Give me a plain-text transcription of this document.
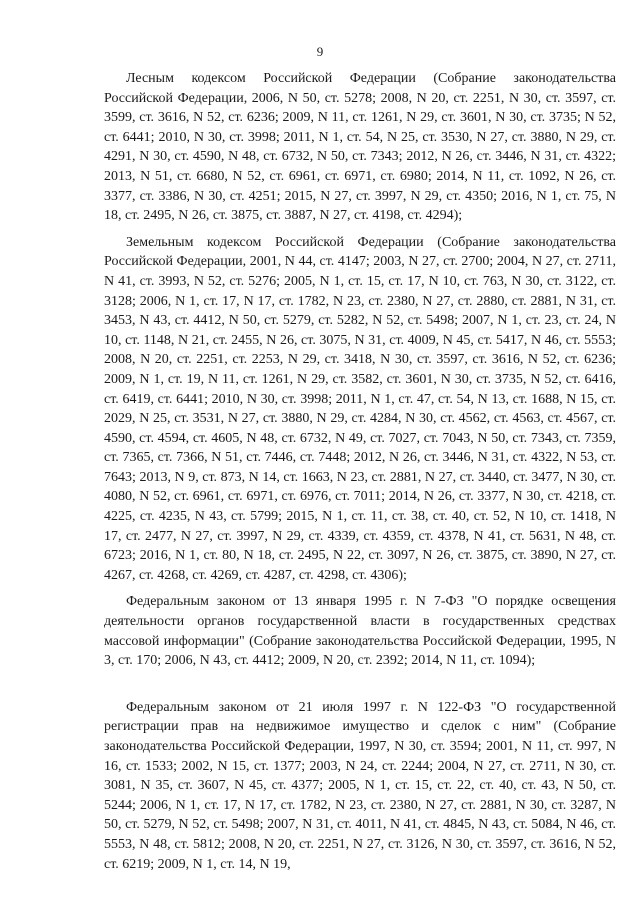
9

Лесным кодексом Российской Федерации (Собрание законодательства Российской Федерации, 2006, N 50, ст. 5278; 2008, N 20, ст. 2251, N 30, ст. 3597, ст. 3599, ст. 3616, N 52, ст. 6236; 2009, N 11, ст. 1261, N 29, ст. 3601, N 30, ст. 3735; N 52, ст. 6441; 2010, N 30, ст. 3998; 2011, N 1, ст. 54, N 25, ст. 3530, N 27, ст. 3880, N 29, ст. 4291, N 30, ст. 4590, N 48, ст. 6732, N 50, ст. 7343; 2012, N 26, ст. 3446, N 31, ст. 4322; 2013, N 51, ст. 6680, N 52, ст. 6961, ст. 6971, ст. 6980; 2014, N 11, ст. 1092, N 26, ст. 3377, ст. 3386, N 30, ст. 4251; 2015, N 27, ст. 3997, N 29, ст. 4350; 2016, N 1, ст. 75, N 18, ст. 2495, N 26, ст. 3875, ст. 3887, N 27, ст. 4198, ст. 4294);

Земельным кодексом Российской Федерации (Собрание законодательства Российской Федерации, 2001, N 44, ст. 4147; 2003, N 27, ст. 2700; 2004, N 27, ст. 2711, N 41, ст. 3993, N 52, ст. 5276; 2005, N 1, ст. 15, ст. 17, N 10, ст. 763, N 30, ст. 3122, ст. 3128; 2006, N 1, ст. 17, N 17, ст. 1782, N 23, ст. 2380, N 27, ст. 2880, ст. 2881, N 31, ст. 3453, N 43, ст. 4412, N 50, ст. 5279, ст. 5282, N 52, ст. 5498; 2007, N 1, ст. 23, ст. 24, N 10, ст. 1148, N 21, ст. 2455, N 26, ст. 3075, N 31, ст. 4009, N 45, ст. 5417, N 46, ст. 5553; 2008, N 20, ст. 2251, ст. 2253, N 29, ст. 3418, N 30, ст. 3597, ст. 3616, N 52, ст. 6236; 2009, N 1, ст. 19, N 11, ст. 1261, N 29, ст. 3582, ст. 3601, N 30, ст. 3735, N 52, ст. 6416, ст. 6419, ст. 6441; 2010, N 30, ст. 3998; 2011, N 1, ст. 47, ст. 54, N 13, ст. 1688, N 15, ст. 2029, N 25, ст. 3531, N 27, ст. 3880, N 29, ст. 4284, N 30, ст. 4562, ст. 4563, ст. 4567, ст. 4590, ст. 4594, ст. 4605, N 48, ст. 6732, N 49, ст. 7027, ст. 7043, N 50, ст. 7343, ст. 7359, ст. 7365, ст. 7366, N 51, ст. 7446, ст. 7448; 2012, N 26, ст. 3446, N 31, ст. 4322, N 53, ст. 7643; 2013, N 9, ст. 873, N 14, ст. 1663, N 23, ст. 2881, N 27, ст. 3440, ст. 3477, N 30, ст. 4080, N 52, ст. 6961, ст. 6971, ст. 6976, ст. 7011; 2014, N 26, ст. 3377, N 30, ст. 4218, ст. 4225, ст. 4235, N 43, ст. 5799; 2015, N 1, ст. 11, ст. 38, ст. 40, ст. 52, N 10, ст. 1418, N 17, ст. 2477, N 27, ст. 3997, N 29, ст. 4339, ст. 4359, ст. 4378, N 41, ст. 5631, N 48, ст. 6723; 2016, N 1, ст. 80, N 18, ст. 2495, N 22, ст. 3097, N 26, ст. 3875, ст. 3890, N 27, ст. 4267, ст. 4268, ст. 4269, ст. 4287, ст. 4298, ст. 4306);

Федеральным законом от 13 января 1995 г. N 7-ФЗ "О порядке освещения деятельности органов государственной власти в государственных средствах массовой информации" (Собрание законодательства Российской Федерации, 1995, N 3, ст. 170; 2006, N 43, ст. 4412; 2009, N 20, ст. 2392; 2014, N 11, ст. 1094);

Федеральным законом от 21 июля 1997 г. N 122-ФЗ "О государственной регистрации прав на недвижимое имущество и сделок с ним" (Собрание законодательства Российской Федерации, 1997, N 30, ст. 3594; 2001, N 11, ст. 997, N 16, ст. 1533; 2002, N 15, ст. 1377; 2003, N 24, ст. 2244; 2004, N 27, ст. 2711, N 30, ст. 3081, N 35, ст. 3607, N 45, ст. 4377; 2005, N 1, ст. 15, ст. 22, ст. 40, ст. 43, N 50, ст. 5244; 2006, N 1, ст. 17, N 17, ст. 1782, N 23, ст. 2380, N 27, ст. 2881, N 30, ст. 3287, N 50, ст. 5279, N 52, ст. 5498; 2007, N 31, ст. 4011, N 41, ст. 4845, N 43, ст. 5084, N 46, ст. 5553, N 48, ст. 5812; 2008, N 20, ст. 2251, N 27, ст. 3126, N 30, ст. 3597, ст. 3616, N 52, ст. 6219; 2009, N 1, ст. 14, N 19,
